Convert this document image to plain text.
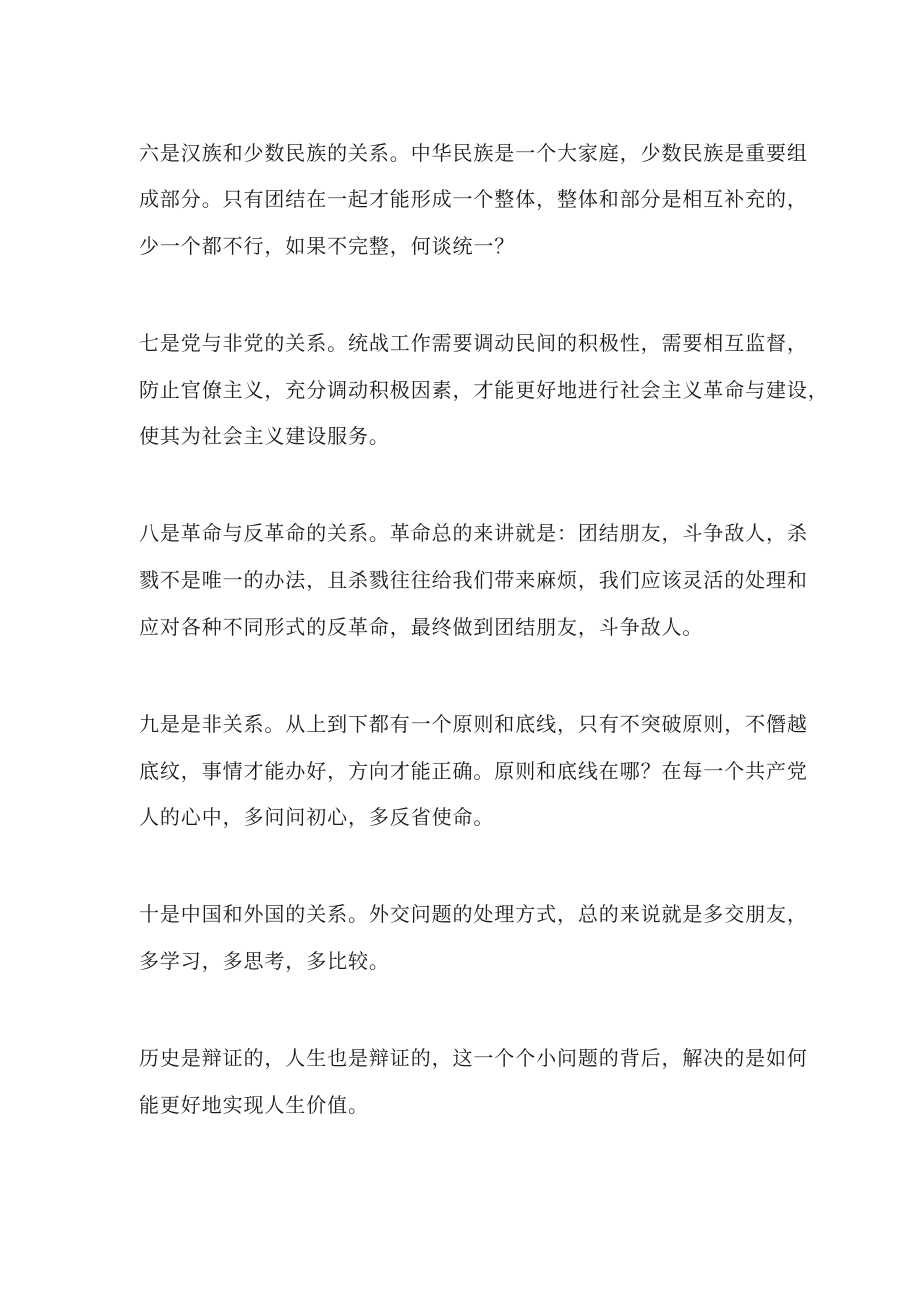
六是汉族和少数民族的关系。中华民族是一个大家庭，少数民族是重要组
成部分。只有团结在一起才能形成一个整体，整体和部分是相互补充的，
少一个都不行，如果不完整，何谈统一？
七是党与非党的关系。统战工作需要调动民间的积极性，需要相互监督，
防止官僚主义，充分调动积极因素，才能更好地进行社会主义革命与建设，
使其为社会主义建设服务。
八是革命与反革命的关系。革命总的来讲就是：团结朋友，斗争敌人，杀
戮不是唯一的办法，且杀戮往往给我们带来麻烦，我们应该灵活的处理和
应对各种不同形式的反革命，最终做到团结朋友，斗争敌人。
九是是非关系。从上到下都有一个原则和底线，只有不突破原则，不僭越
底纹，事情才能办好，方向才能正确。原则和底线在哪？在每一个共产党
人的心中，多问问初心，多反省使命。
十是中国和外国的关系。外交问题的处理方式，总的来说就是多交朋友，
多学习，多思考，多比较。
历史是辩证的，人生也是辩证的，这一个个小问题的背后，解决的是如何
能更好地实现人生价值。
